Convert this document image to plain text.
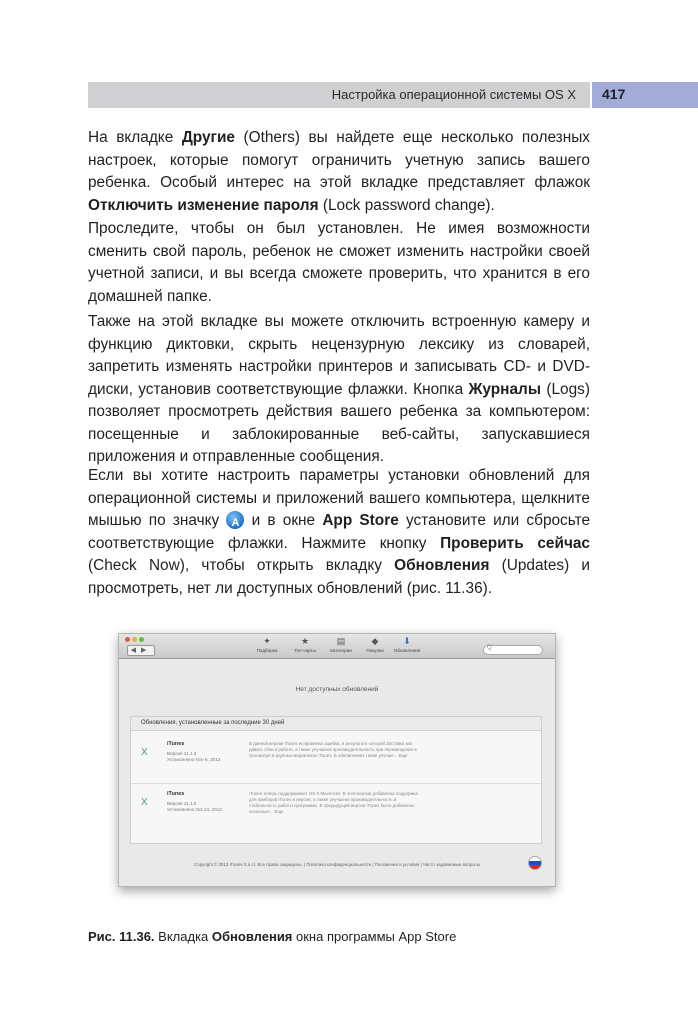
Настройка операционной системы OS X 417
На вкладке Другие (Others) вы найдете еще несколько полезных настроек, которые помогут ограничить учетную запись вашего ребенка. Особый интерес на этой вкладке представляет флажок Отключить изменение пароля (Lock password change).
Проследите, чтобы он был установлен. Не имея возможности сменить свой пароль, ребенок не сможет изменить настройки своей учетной записи, и вы всегда сможете проверить, что хранится в его домашней папке.
Также на этой вкладке вы можете отключить встроенную камеру и функцию диктовки, скрыть нецензурную лексику из словарей, запретить изменять настройки принтеров и записывать CD- и DVD-диски, установив соответствующие флажки. Кнопка Журналы (Logs) позволяет просмотреть действия вашего ребенка за компьютером: посещенные и заблокированные веб-сайты, запускавшиеся приложения и отправленные сообщения.
Если вы хотите настроить параметры установки обновлений для операционной системы и приложений вашего компьютера, щелкните мышью по значку A и в окне App Store установите или сбросьте соответствующие флажки. Нажмите кнопку Проверить сейчас (Check Now), чтобы открыть вкладку Обновления (Updates) и просмотреть, нет ли доступных обновлений (рис. 11.36).
◀▶
✦
Подборка
★
Топ-чарты
▤
Категории
◆
Покупки
⬇
Обновления	Q
Нет доступных обновлений
Обновления, установленные за последние 30 дней
X
iTunes
Версия 11.1.3
Установлено Nov 6, 2013
В данной версии iTunes исправлена ошибка, в результате которой Заставка мог давать сбои в работе, а также улучшена производительность при перемещении и просмотре в крупных медиатеках iTunes. Б обновлениях также улучше... Еще
X
iTunes
Версия 11.1.2
Установлено Oct 24, 2013
iTunes теперь поддерживает OS X Mavericks. В этой версии добавлена поддержка для приборов iTunes и версии, а также улучшена производительность и стабильность работы программы. В предыдущей версии iTunes было добавлено несколько... Еще
Copyright © 2013 iTunes S.à r.l. Все права защищены. | Политика конфиденциальности | Положения и условия | Часто задаваемые вопросы
Рис. 11.36. Вкладка Обновления окна программы App Store
